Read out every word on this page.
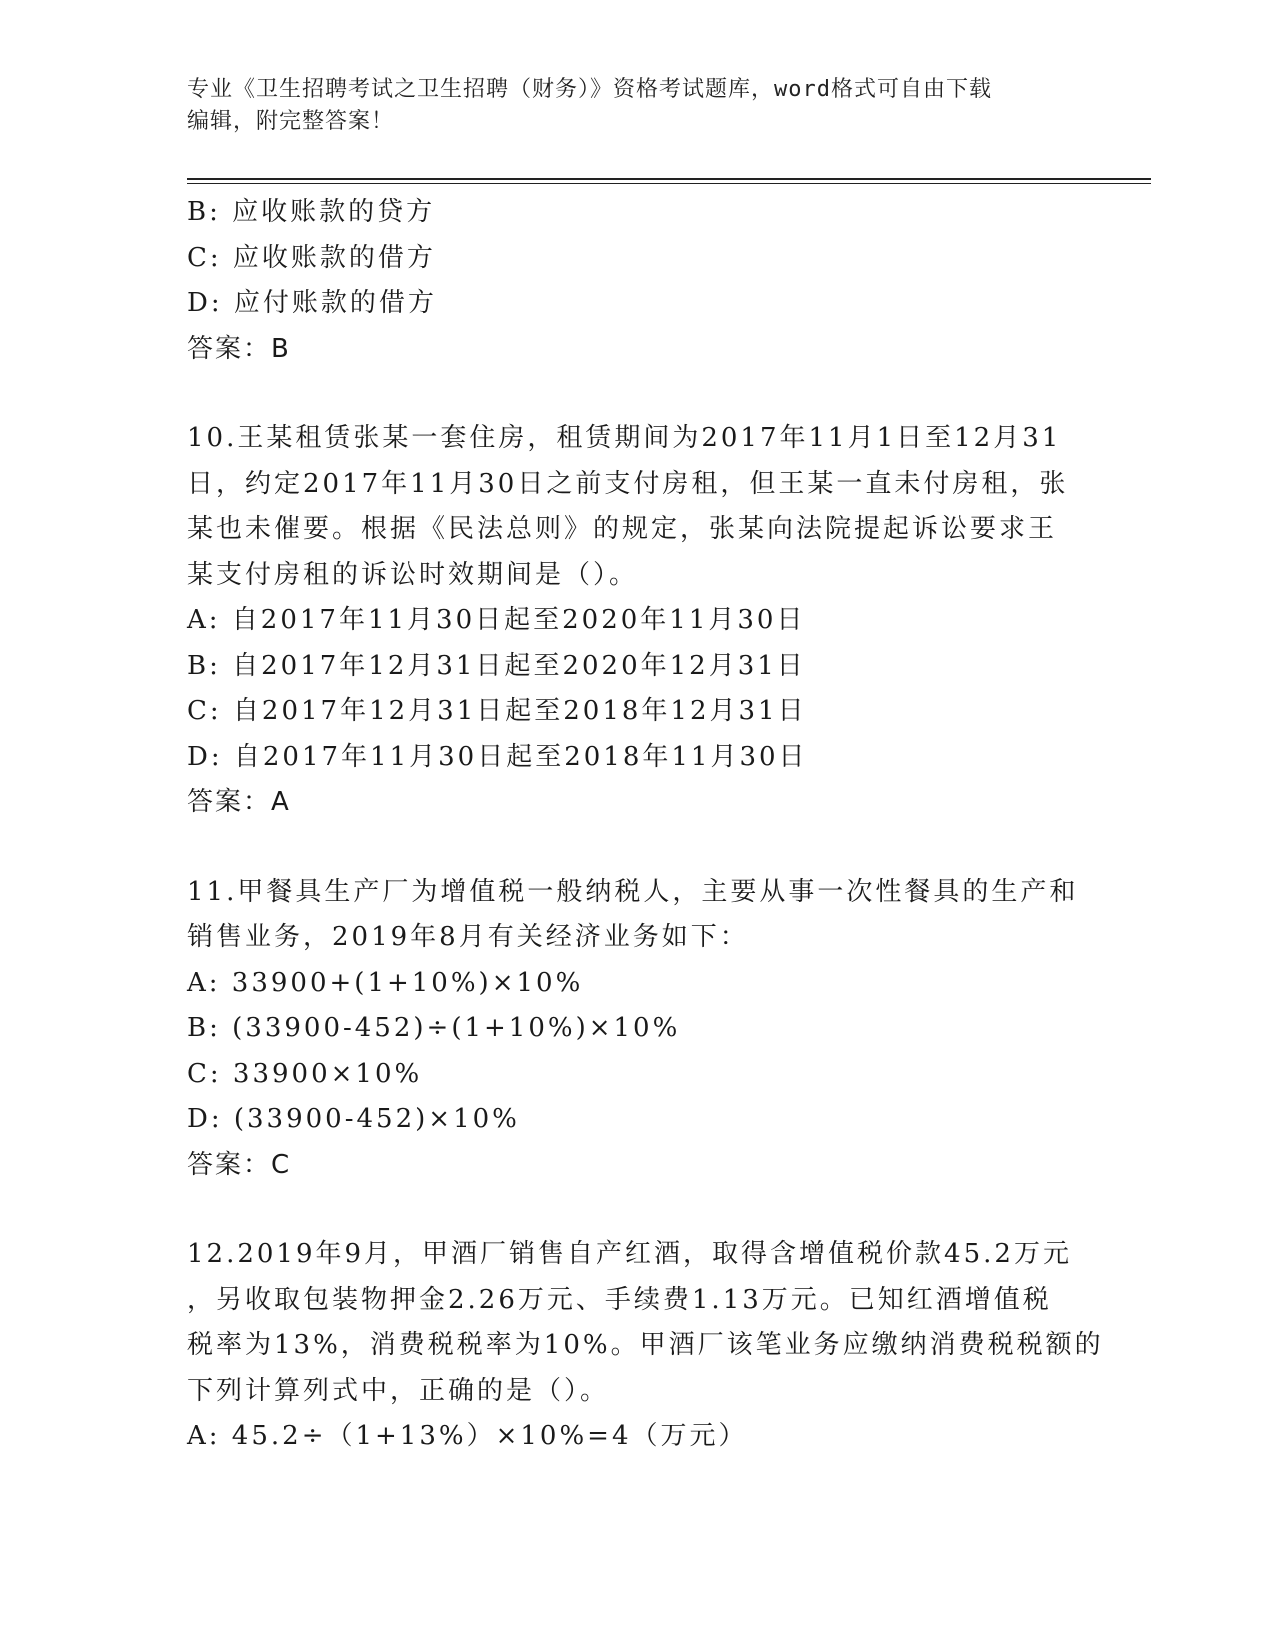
专业《卫生招聘考试之卫生招聘（财务）》资格考试题库，word格式可自由下载
编辑，附完整答案！
B: 应收账款的贷方
C: 应收账款的借方
D: 应付账款的借方
答案：B
10.王某租赁张某一套住房，租赁期间为2017年11月1日至12月31
日，约定2017年11月30日之前支付房租，但王某一直未付房租，张
某也未催要。根据《民法总则》的规定，张某向法院提起诉讼要求王
某支付房租的诉讼时效期间是（）。
A: 自2017年11月30日起至2020年11月30日
B: 自2017年12月31日起至2020年12月31日
C: 自2017年12月31日起至2018年12月31日
D: 自2017年11月30日起至2018年11月30日
答案：A
11.甲餐具生产厂为增值税一般纳税人，主要从事一次性餐具的生产和
销售业务，2019年8月有关经济业务如下：
A: 33900+(1+10%)×10%
B: (33900-452)÷(1+10%)×10%
C: 33900×10%
D: (33900-452)×10%
答案：C
12.2019年9月，甲酒厂销售自产红酒，取得含增值税价款45.2万元
，另收取包装物押金2.26万元、手续费1.13万元。已知红酒增值税
税率为13%，消费税税率为10%。甲酒厂该笔业务应缴纳消费税税额的
下列计算列式中，正确的是（）。
A: 45.2÷（1+13%）×10%=4（万元）
